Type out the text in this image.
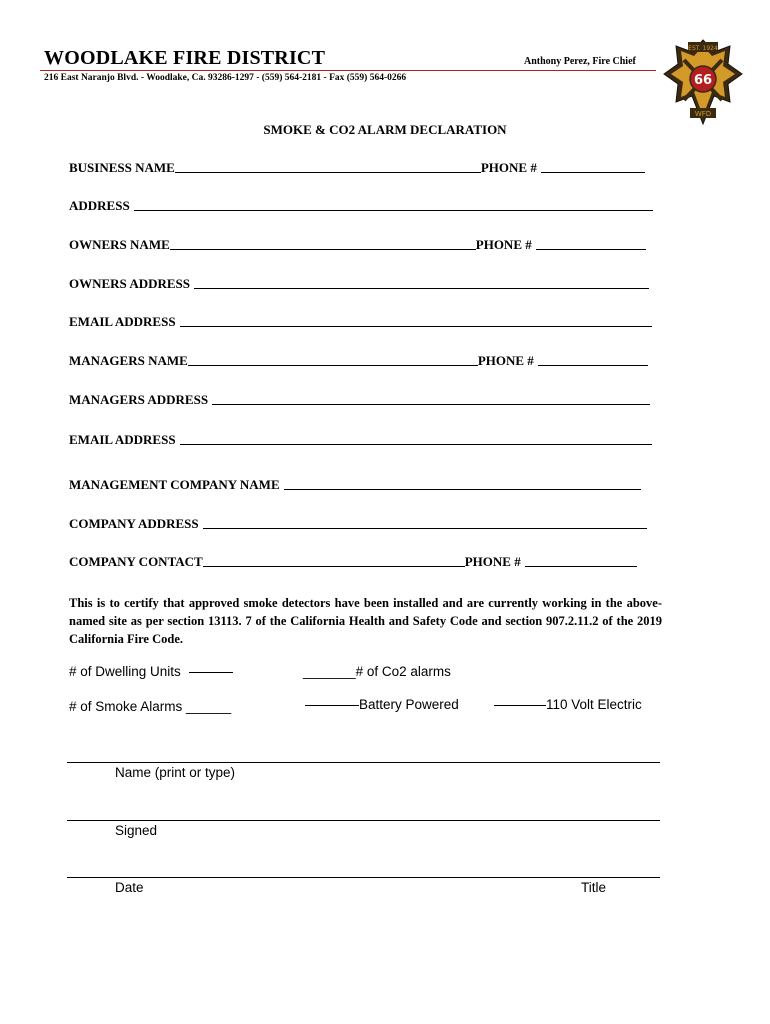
WOODLAKE FIRE DISTRICT	Anthony Perez, Fire Chief
216 East Naranjo Blvd. - Woodlake, Ca. 93286-1297 - (559) 564-2181 - Fax (559) 564-0266
EST. 1924
66
WFD
SMOKE & CO2 ALARM DECLARATION
BUSINESS NAME	PHONE #
ADDRESS
OWNERS NAME	PHONE #
OWNERS ADDRESS
EMAIL ADDRESS
MANAGERS NAME	PHONE #
MANAGERS ADDRESS
EMAIL ADDRESS
MANAGEMENT COMPANY NAME
COMPANY ADDRESS
COMPANY CONTACT	PHONE #
This is to certify that approved smoke detectors have been installed and are currently working in the above-named site as per section 13113. 7 of the California Health and Safety Code and section 907.2.11.2 of the 2019 California Fire Code.
# of Dwelling Units	_______# of Co2 alarms
# of Smoke Alarms ______	Battery Powered	110 Volt Electric
Name (print or type)
Signed
Date	Title
